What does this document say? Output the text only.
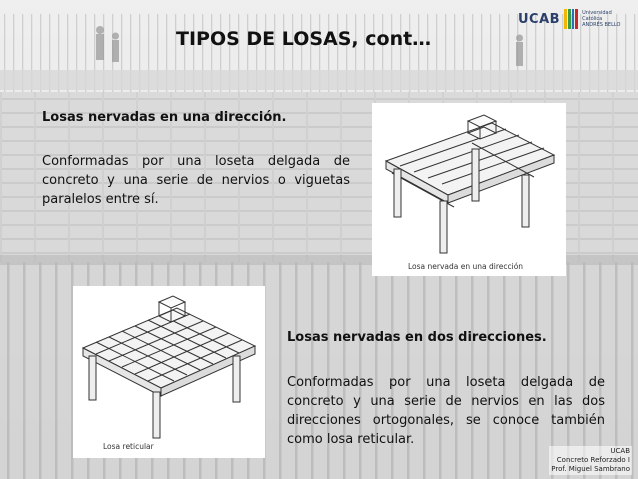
UCAB	Universidad Católica
ANDRÉS BELLO
TIPOS DE LOSAS, cont…
Losas nervadas en una dirección.
Conformadas por una loseta delgada de concreto y una serie de nervios o viguetas paralelos entre sí.
Losa nervada en una dirección
Losa reticular
Losas nervadas en dos direcciones.
Conformadas por una loseta delgada de concreto y una serie de nervios en las dos direcciones ortogonales, se conoce también como losa reticular.
UCAB
Concreto Reforzado I
Prof. Miguel Sambrano
